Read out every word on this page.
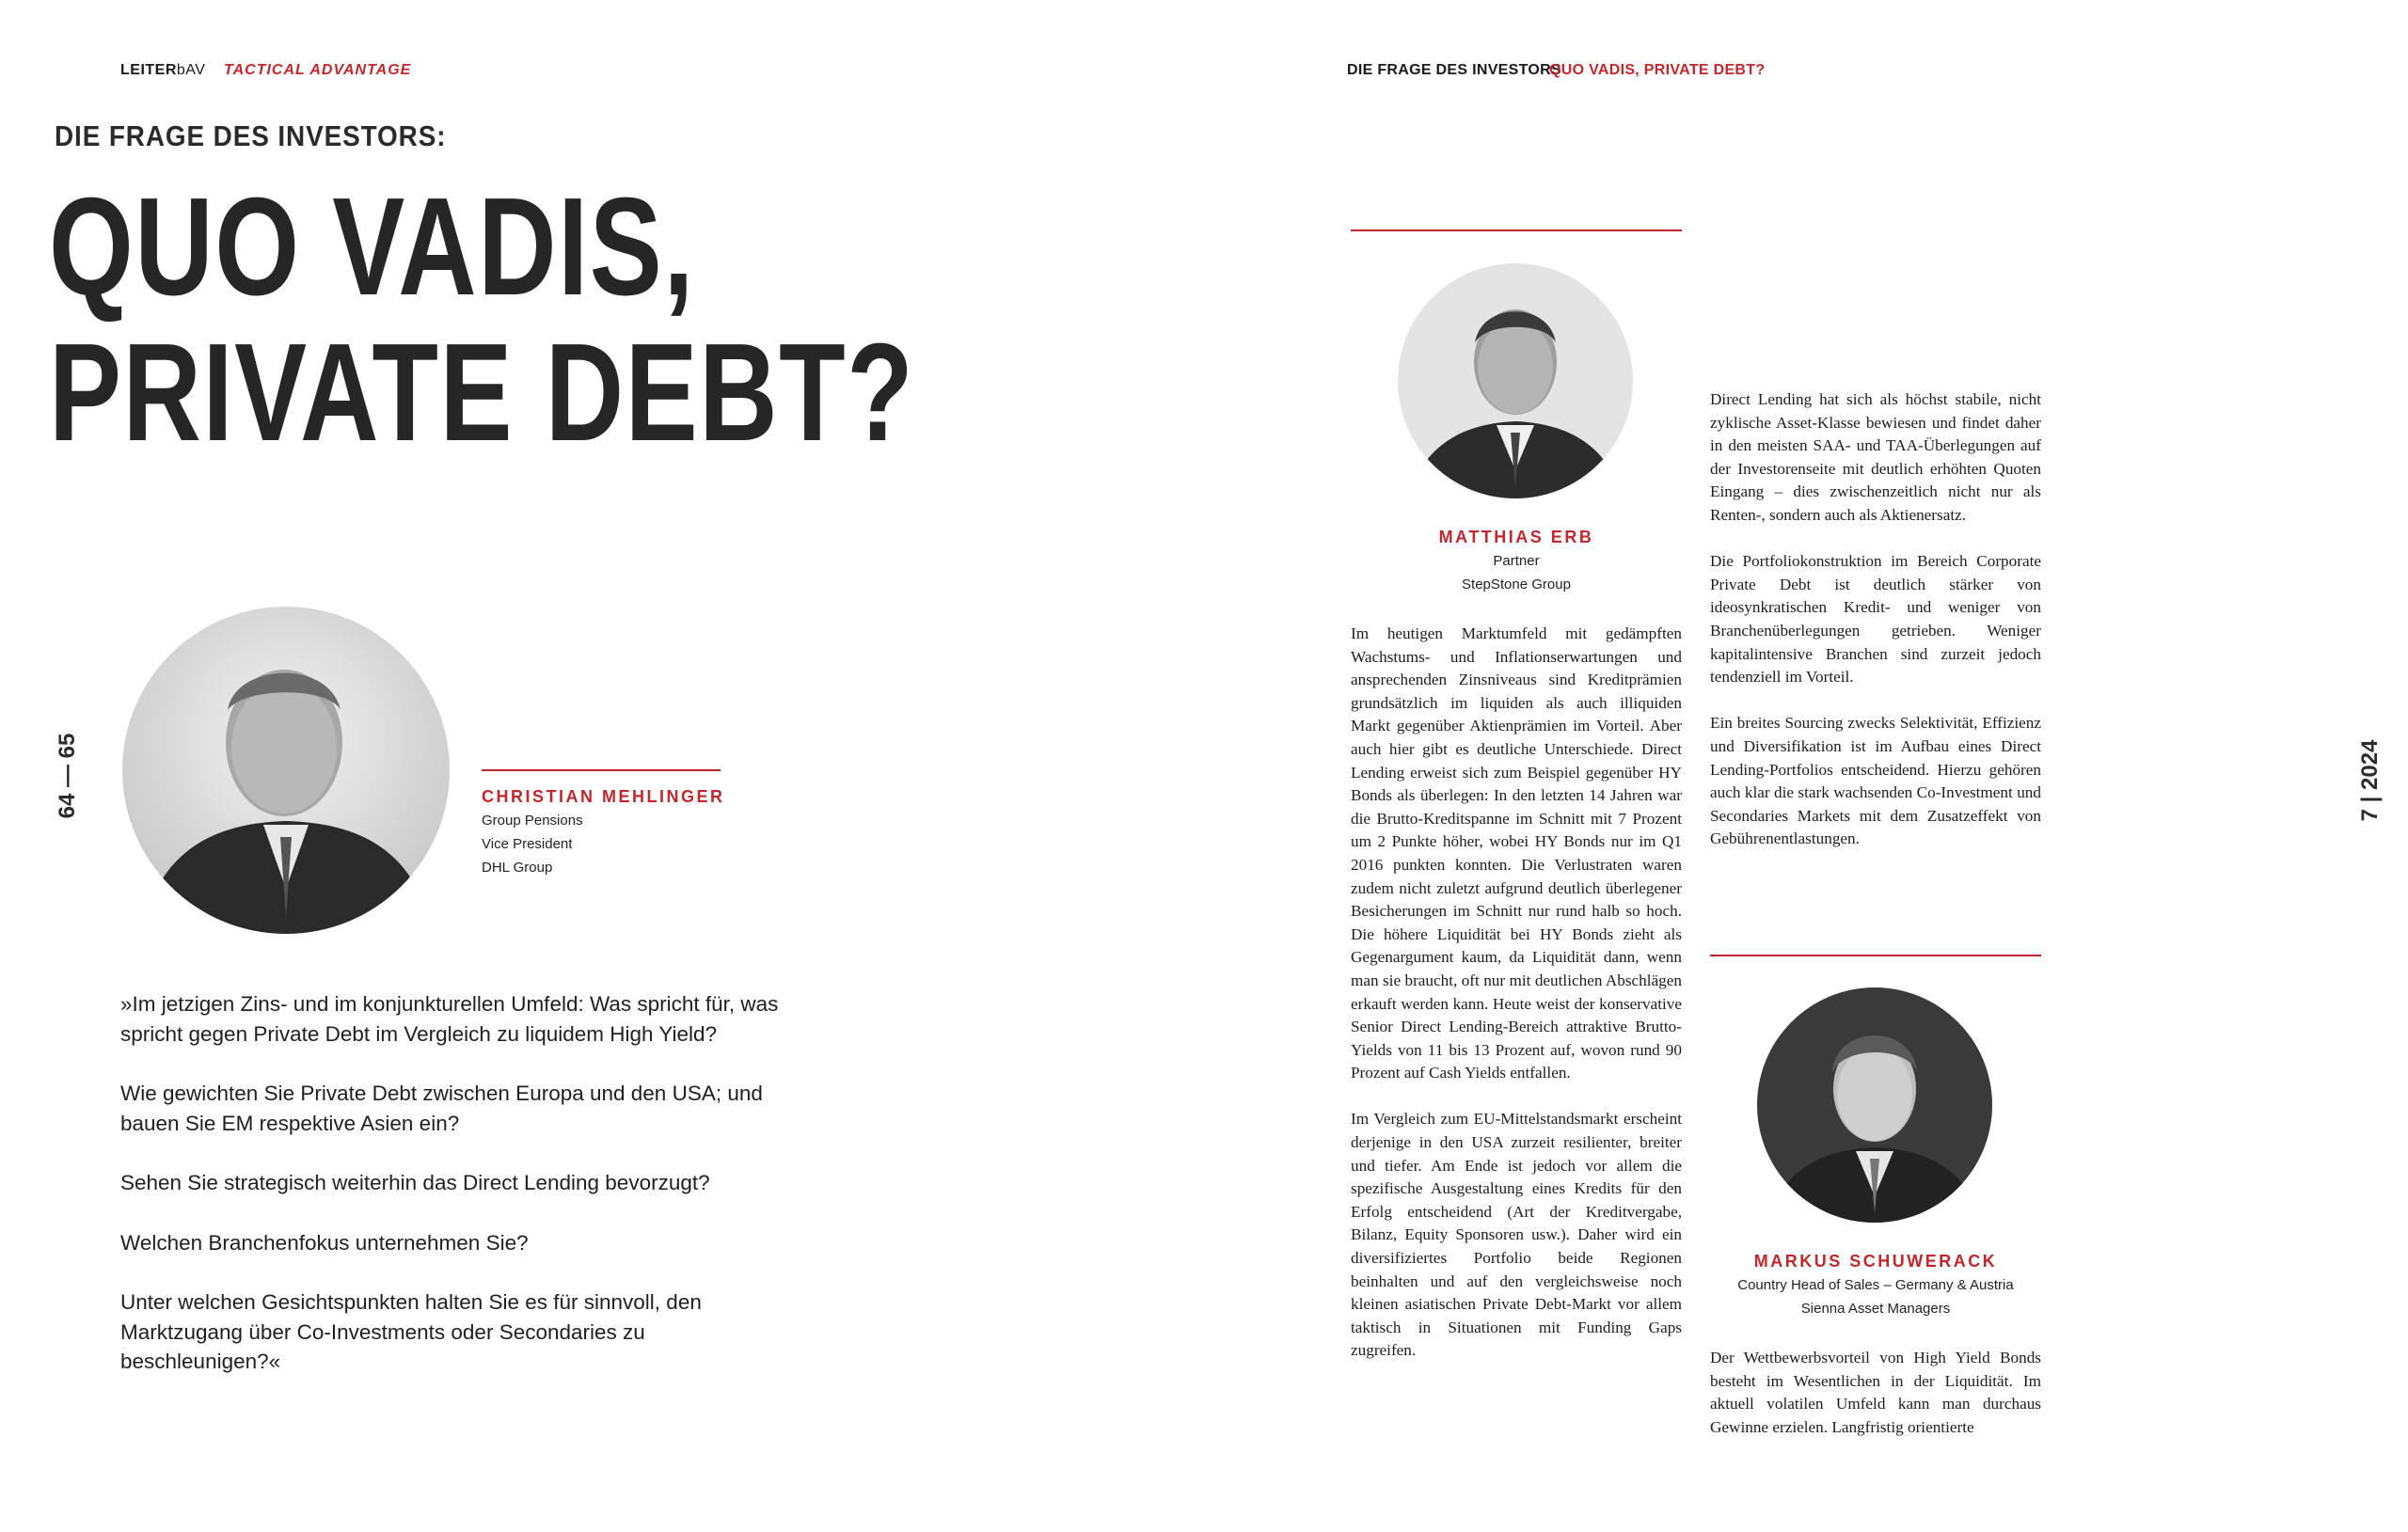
LEITERbAV TACTICAL ADVANTAGE
DIE FRAGE DES INVESTORS:
QUO VADIS,
PRIVATE DEBT?
64 — 65	CHRISTIAN MEHLINGER
Group Pensions
Vice President
DHL Group

»Im jetzigen Zins- und im konjunkturellen Umfeld: Was spricht für, was spricht gegen Private Debt im Vergleich zu liquidem High Yield?

Wie gewichten Sie Private Debt zwischen Europa und den USA; und bauen Sie EM respektive Asien ein?

Sehen Sie strategisch weiterhin das Direct Lending bevorzugt?

Welchen Branchenfokus unternehmen Sie?

Unter welchen Gesichtspunkten halten Sie es für sinnvoll, den Marktzugang über Co-Investments oder Secondaries zu beschleunigen?«

DIE FRAGE DES INVESTORS
QUO VADIS, PRIVATE DEBT?
7 | 2024
MATTHIAS ERB
Partner
StepStone Group

Im heutigen Marktumfeld mit gedämpften Wachstums- und Inflationserwartungen und ansprechenden Zinsniveaus sind Kreditprämien grundsätzlich im liquiden als auch illiquiden Markt gegenüber Aktienprämien im Vorteil. Aber auch hier gibt es deutliche Unterschiede. Direct Lending erweist sich zum Beispiel gegenüber HY Bonds als überlegen: In den letzten 14 Jahren war die Brutto-Kreditspanne im Schnitt mit 7 Prozent um 2 Punkte höher, wobei HY Bonds nur im Q1 2016 punkten konnten. Die Verlustraten waren zudem nicht zuletzt aufgrund deutlich überlegener Besicherungen im Schnitt nur rund halb so hoch. Die höhere Liquidität bei HY Bonds zieht als Gegenargument kaum, da Liquidität dann, wenn man sie braucht, oft nur mit deutlichen Abschlägen erkauft werden kann. Heute weist der konservative Senior Direct Lending-Bereich attraktive Brutto-Yields von 11 bis 13 Prozent auf, wovon rund 90 Prozent auf Cash Yields entfallen.

Im Vergleich zum EU-Mittelstandsmarkt erscheint derjenige in den USA zurzeit resilienter, breiter und tiefer. Am Ende ist jedoch vor allem die spezifische Ausgestaltung eines Kredits für den Erfolg entscheidend (Art der Kreditvergabe, Bilanz, Equity Sponsoren usw.). Daher wird ein diversifiziertes Portfolio beide Regionen beinhalten und auf den vergleichsweise noch kleinen asiatischen Private Debt-Markt vor allem taktisch in Situationen mit Funding Gaps zugreifen.

Direct Lending hat sich als höchst stabile, nicht zyklische Asset-Klasse bewiesen und findet daher in den meisten SAA- und TAA-Überlegungen auf der Investorenseite mit deutlich erhöhten Quoten Eingang – dies zwischenzeitlich nicht nur als Renten-, sondern auch als Aktienersatz.

Die Portfoliokonstruktion im Bereich Corporate Private Debt ist deutlich stärker von ideosynkratischen Kredit- und weniger von Branchenüberlegungen getrieben. Weniger kapitalintensive Branchen sind zurzeit jedoch tendenziell im Vorteil.

Ein breites Sourcing zwecks Selektivität, Effizienz und Diversifikation ist im Aufbau eines Direct Lending-Portfolios entscheidend. Hierzu gehören auch klar die stark wachsenden Co-Investment und Secondaries Markets mit dem Zusatzeffekt von Gebührenentlastungen.

MARKUS SCHUWERACK
Country Head of Sales – Germany & Austria
Sienna Asset Managers

Der Wettbewerbsvorteil von High Yield Bonds besteht im Wesentlichen in der Liquidität. Im aktuell volatilen Umfeld kann man durchaus Gewinne erzielen. Langfristig orientierte
